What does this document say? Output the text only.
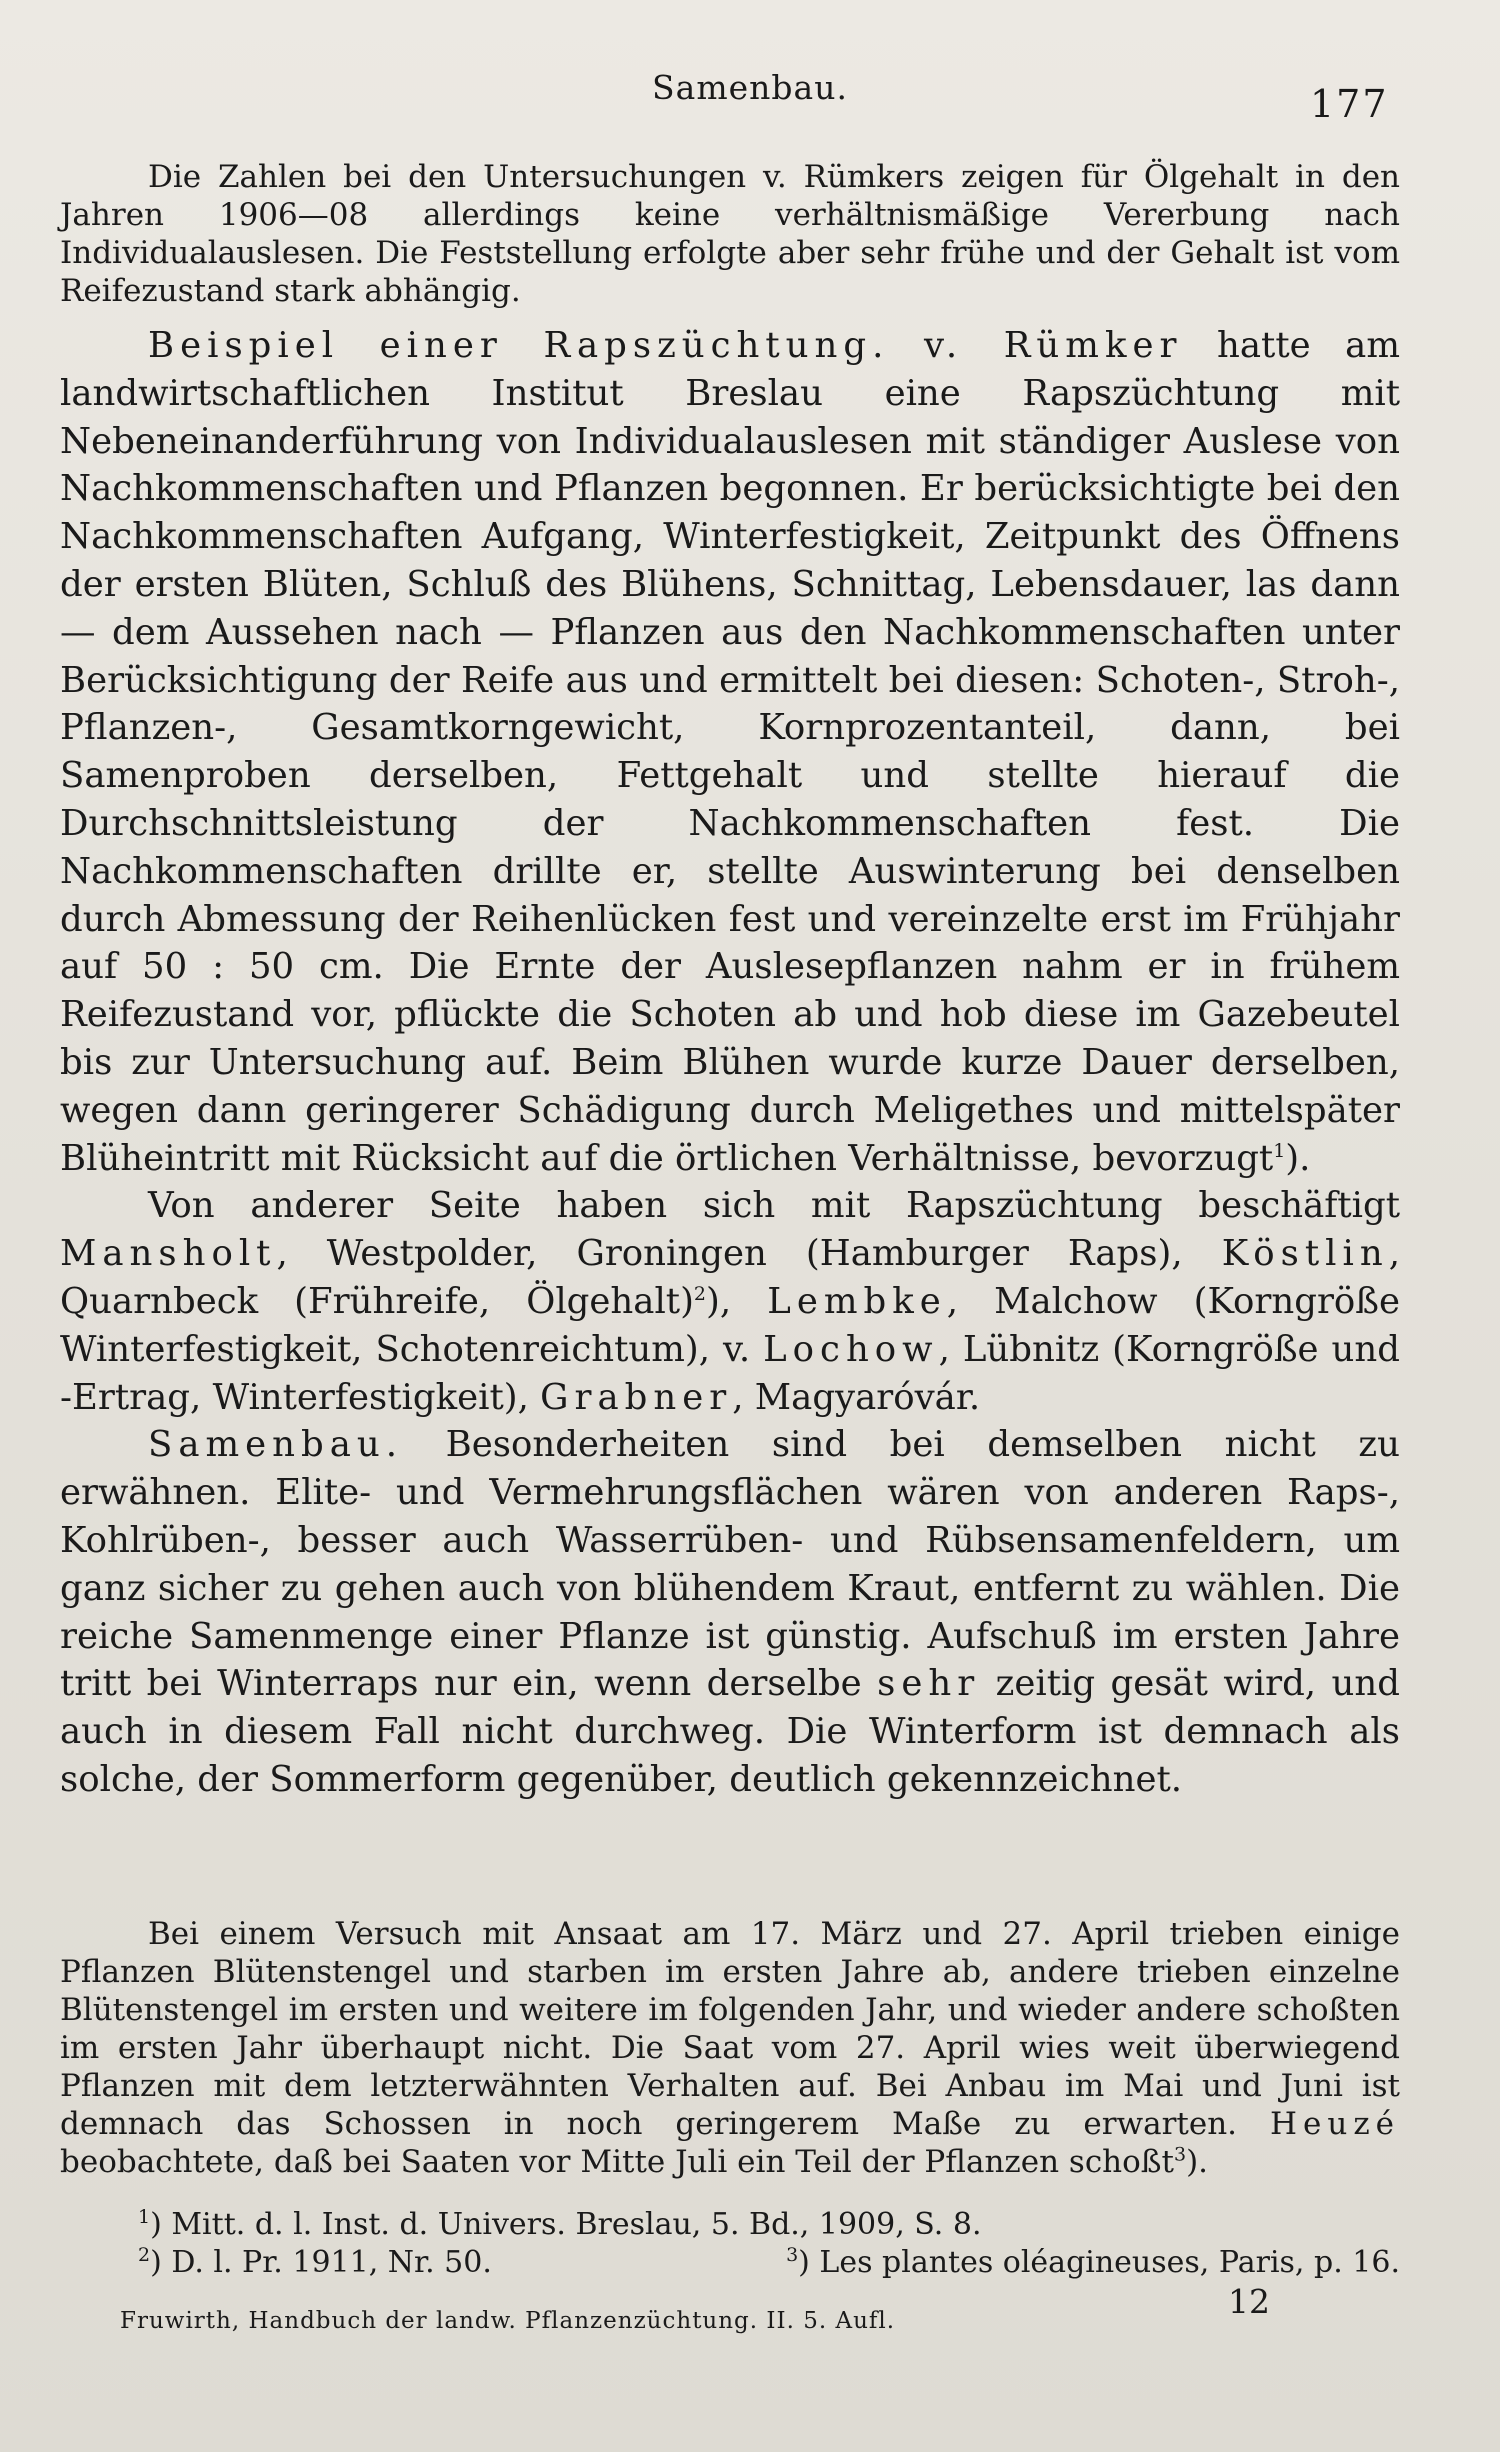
Samenbau.	177

Die Zahlen bei den Untersuchungen v. Rümkers zeigen für Ölgehalt in den Jahren 1906—08 allerdings keine verhältnismäßige Vererbung nach Individualauslesen. Die Feststellung erfolgte aber sehr frühe und der Gehalt ist vom Reifezustand stark abhängig.

Beispiel einer Rapszüchtung. v. Rümker hatte am landwirtschaftlichen Institut Breslau eine Rapszüchtung mit Nebeneinanderführung von Individualauslesen mit ständiger Auslese von Nachkommenschaften und Pflanzen begonnen. Er berücksichtigte bei den Nachkommenschaften Aufgang, Winterfestigkeit, Zeitpunkt des Öffnens der ersten Blüten, Schluß des Blühens, Schnittag, Lebensdauer, las dann — dem Aussehen nach — Pflanzen aus den Nachkommenschaften unter Berücksichtigung der Reife aus und ermittelt bei diesen: Schoten-, Stroh-, Pflanzen-, Gesamtkorngewicht, Kornprozentanteil, dann, bei Samenproben derselben, Fettgehalt und stellte hierauf die Durchschnittsleistung der Nachkommenschaften fest. Die Nachkommenschaften drillte er, stellte Auswinterung bei denselben durch Abmessung der Reihenlücken fest und vereinzelte erst im Frühjahr auf 50 : 50 cm. Die Ernte der Auslesepflanzen nahm er in frühem Reifezustand vor, pflückte die Schoten ab und hob diese im Gazebeutel bis zur Untersuchung auf. Beim Blühen wurde kurze Dauer derselben, wegen dann geringerer Schädigung durch Meligethes und mittelspäter Blüheintritt mit Rücksicht auf die örtlichen Verhältnisse, bevorzugt$^1$).

Von anderer Seite haben sich mit Rapszüchtung beschäftigt Mansholt, Westpolder, Groningen (Hamburger Raps), Köstlin, Quarnbeck (Frühreife, Ölgehalt)$^2$), Lembke, Malchow (Korngröße Winterfestigkeit, Schotenreichtum), v. Lochow, Lübnitz (Korngröße und -Ertrag, Winterfestigkeit), Grabner, Magyaróvár.

Samenbau. Besonderheiten sind bei demselben nicht zu erwähnen. Elite- und Vermehrungsflächen wären von anderen Raps-, Kohlrüben-, besser auch Wasserrüben- und Rübsensamenfeldern, um ganz sicher zu gehen auch von blühendem Kraut, entfernt zu wählen. Die reiche Samenmenge einer Pflanze ist günstig. Aufschuß im ersten Jahre tritt bei Winterraps nur ein, wenn derselbe sehr zeitig gesät wird, und auch in diesem Fall nicht durchweg. Die Winterform ist demnach als solche, der Sommerform gegenüber, deutlich gekennzeichnet.

Bei einem Versuch mit Ansaat am 17. März und 27. April trieben einige Pflanzen Blütenstengel und starben im ersten Jahre ab, andere trieben einzelne Blütenstengel im ersten und weitere im folgenden Jahr, und wieder andere schoßten im ersten Jahr überhaupt nicht. Die Saat vom 27. April wies weit überwiegend Pflanzen mit dem letzterwähnten Verhalten auf. Bei Anbau im Mai und Juni ist demnach das Schossen in noch geringerem Maße zu erwarten. Heuzé beobachtete, daß bei Saaten vor Mitte Juli ein Teil der Pflanzen schoßt$^3$).

$^1$) Mitt. d. l. Inst. d. Univers. Breslau, 5. Bd., 1909, S. 8.
$^2$) D. l. Pr. 1911, Nr. 50.	$^3$) Les plantes oléagineuses, Paris, p. 16.
12
Fruwirth, Handbuch der landw. Pflanzenzüchtung. II. 5. Aufl.
